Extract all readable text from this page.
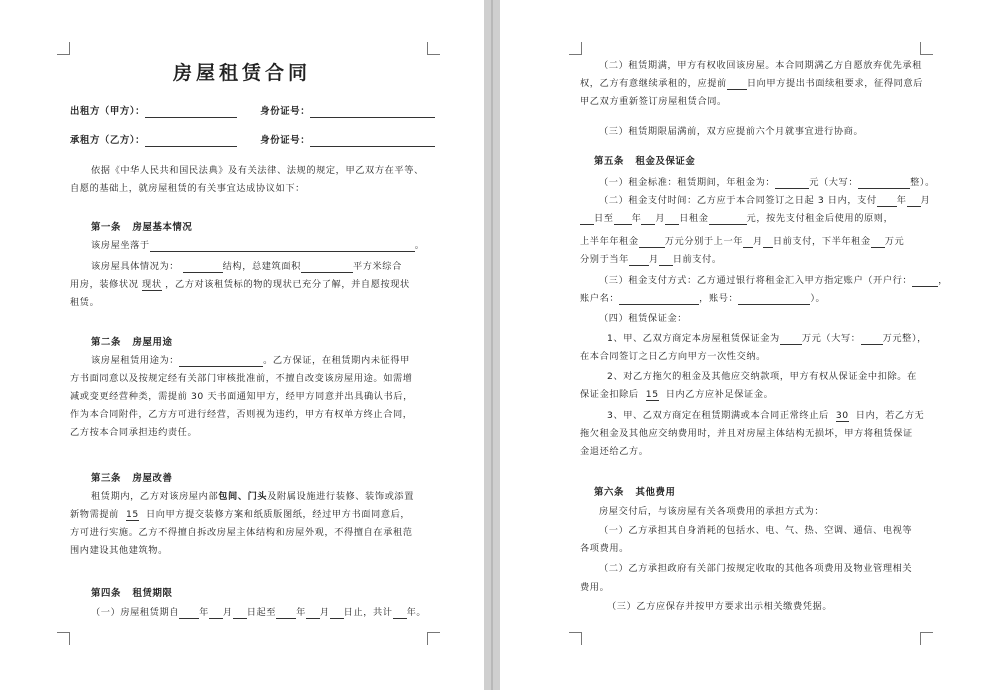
房屋租赁合同
出租方（甲方）：	身份证号：
承租方（乙方）：	身份证号：
依据《中华人民共和国民法典》及有关法律、法规的规定，甲乙双方在平等、
自愿的基础上，就房屋租赁的有关事宜达成协议如下：
第一条   房屋基本情况
该房屋坐落于	。
该房屋具体情况为：	结构，总建筑面积	平方米综合
用房，装修状况 现状 ，乙方对该租赁标的物的现状已充分了解，并自愿按现状
租赁。
第二条   房屋用途
该房屋租赁用途为：	。乙方保证，在租赁期内未征得甲
方书面同意以及按规定经有关部门审核批准前，不擅自改变该房屋用途。如需增
减或变更经营种类，需提前 30 天书面通知甲方，经甲方同意并出具确认书后，
作为本合同附件，乙方方可进行经营，否则视为违约，甲方有权单方终止合同，
乙方按本合同承担违约责任。
第三条   房屋改善
租赁期内，乙方对该房屋内部包间、门头及附属设施进行装修、装饰或添置
新物需提前 15 日向甲方提交装修方案和纸质版图纸，经过甲方书面同意后，
方可进行实施。乙方不得擅自拆改房屋主体结构和房屋外观，不得擅自在承租范
围内建设其他建筑物。
第四条   租赁期限
（一）房屋租赁期自 年 月 日起至 年 月 日止，共计 年。
（二）租赁期满，甲方有权收回该房屋。本合同期满乙方自愿放弃优先承租
权，乙方有意继续承租的，应提前 日向甲方提出书面续租要求，征得同意后
甲乙双方重新签订房屋租赁合同。
（三）租赁期限届满前，双方应提前六个月就事宜进行协商。
第五条   租金及保证金
（一）租金标准：租赁期间，年租金为：	元（大写：	整）。
（二）租金支付时间：乙方应于本合同签订之日起 3 日内，支付 年 月
日至 年 月 日租金	元，按先支付租金后使用的原则，
上半年年租金	万元分别于上一年 月 日前支付，下半年租金 万元
分别于当年 月 日前支付。
（三）租金支付方式：乙方通过银行将租金汇入甲方指定账户（开户行：	，
账户名：	，账号：	）。
（四）租赁保证金：
1、甲、乙双方商定本房屋租赁保证金为 万元（大写： 万元整），
在本合同签订之日乙方向甲方一次性交纳。
2、对乙方拖欠的租金及其他应交纳款项，甲方有权从保证金中扣除。在
保证金扣除后 15 日内乙方应补足保证金。
3、甲、乙双方商定在租赁期满或本合同正常终止后 30 日内，若乙方无
拖欠租金及其他应交纳费用时，并且对房屋主体结构无损坏，甲方将租赁保证
金退还给乙方。
第六条   其他费用
房屋交付后，与该房屋有关各项费用的承担方式为：
（一）乙方承担其自身消耗的包括水、电、气、热、空调、通信、电视等
各项费用。
（二）乙方承担政府有关部门按规定收取的其他各项费用及物业管理相关
费用。
（三）乙方应保存并按甲方要求出示相关缴费凭据。
